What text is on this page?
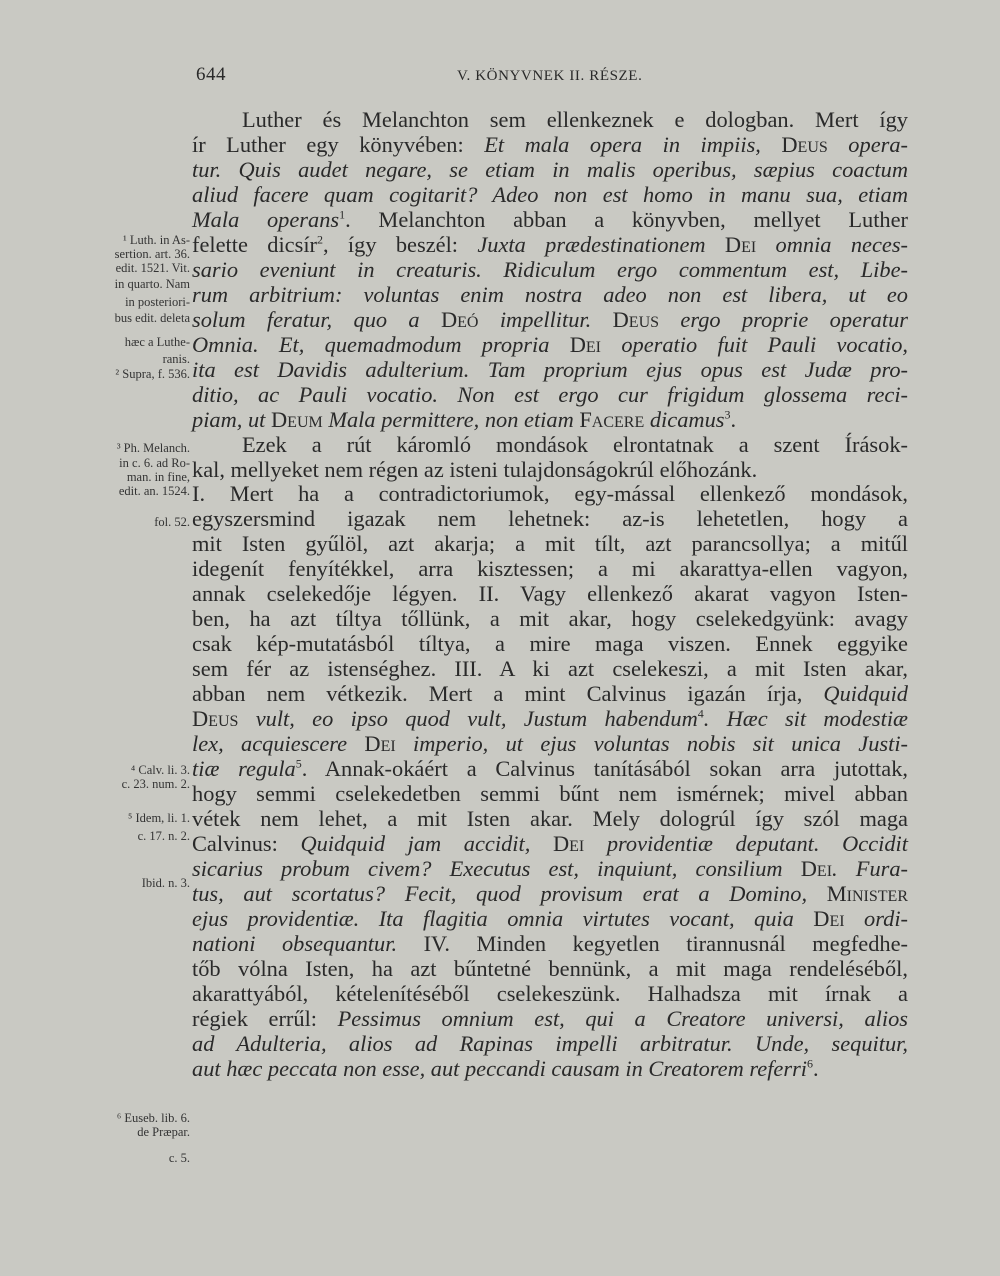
644	V. KÖNYVNEK II. RÉSZE.
Luther és Melanchton sem ellenkeznek e dologban. Mert így
ír Luther egy könyvében: Et mala opera in impiis, Deus opera-
tur. Quis audet negare, se etiam in malis operibus, sæpius coactum
aliud facere quam cogitarit? Adeo non est homo in manu sua, etiam
Mala operans$^1$. Melanchton abban a könyvben, mellyet Luther
felette dicsír$^2$, így beszél: Juxta prædestinationem Dei omnia neces-
sario eveniunt in creaturis. Ridiculum ergo commentum est, Libe-
rum arbitrium: voluntas enim nostra adeo non est libera, ut eo
solum feratur, quo a Deó impellitur. Deus ergo proprie operatur
Omnia. Et, quemadmodum propria Dei operatio fuit Pauli vocatio,
ita est Davidis adulterium. Tam proprium ejus opus est Judæ pro-
ditio, ac Pauli vocatio. Non est ergo cur frigidum glossema reci-
piam, ut Deum Mala permittere, non etiam Facere dicamus$^3$.
Ezek a rút káromló mondások elrontatnak a szent Írások-
kal, mellyeket nem régen az isteni tulajdonságokrúl előhozánk.
I. Mert ha a contradictoriumok, egy-mással ellenkező mondások,
egyszersmind igazak nem lehetnek: az-is lehetetlen, hogy a
mit Isten gyűlöl, azt akarja; a mit tílt, azt parancsollya; a mitűl
idegenít fenyítékkel, arra kisztessen; a mi akarattya-ellen vagyon,
annak cselekedője légyen. II. Vagy ellenkező akarat vagyon Isten-
ben, ha azt tíltya tőllünk, a mit akar, hogy cselekedgyünk: avagy
csak kép-mutatásból tíltya, a mire maga viszen. Ennek eggyike
sem fér az istenséghez. III. A ki azt cselekeszi, a mit Isten akar,
abban nem vétkezik. Mert a mint Calvinus igazán írja, Quidquid
Deus vult, eo ipso quod vult, Justum habendum$^4$. Hæc sit modestiæ
lex, acquiescere Dei imperio, ut ejus voluntas nobis sit unica Justi-
tiæ regula$^5$. Annak-okáért a Calvinus tanításából sokan arra jutottak,
hogy semmi cselekedetben semmi bűnt nem ismérnek; mivel abban
vétek nem lehet, a mit Isten akar. Mely dologrúl így szól maga
Calvinus: Quidquid jam accidit, Dei providentiæ deputant. Occidit
sicarius probum civem? Executus est, inquiunt, consilium Dei. Fura-
tus, aut scortatus? Fecit, quod provisum erat a Domino, Minister
ejus providentiæ. Ita flagitia omnia virtutes vocant, quia Dei ordi-
nationi obsequantur. IV. Minden kegyetlen tirannusnál megfedhe-
tőb vólna Isten, ha azt bűntetné bennünk, a mit maga rendeléséből,
akarattyából, kételenítéséből cselekeszünk. Halhadsza mit írnak a
régiek errűl: Pessimus omnium est, qui a Creatore universi, alios
ad Adulteria, alios ad Rapinas impelli arbitratur. Unde, sequitur,
aut hæc peccata non esse, aut peccandi causam in Creatorem referri$^6$.
¹ Luth. in As-
sertion. art. 36.
edit. 1521. Vit.
in quarto. Nam
in posteriori-
bus edit. deleta
hæc a Luthe-
ranis.
² Supra, f. 536.
³ Ph. Melanch.
in c. 6. ad Ro-
man. in fine,
edit. an. 1524.
fol. 52.
⁴ Calv. li. 3.
c. 23. num. 2.
⁵ Idem, li. 1.
c. 17. n. 2.
Ibid. n. 3.
⁶ Euseb. lib. 6.
de Præpar.
c. 5.
